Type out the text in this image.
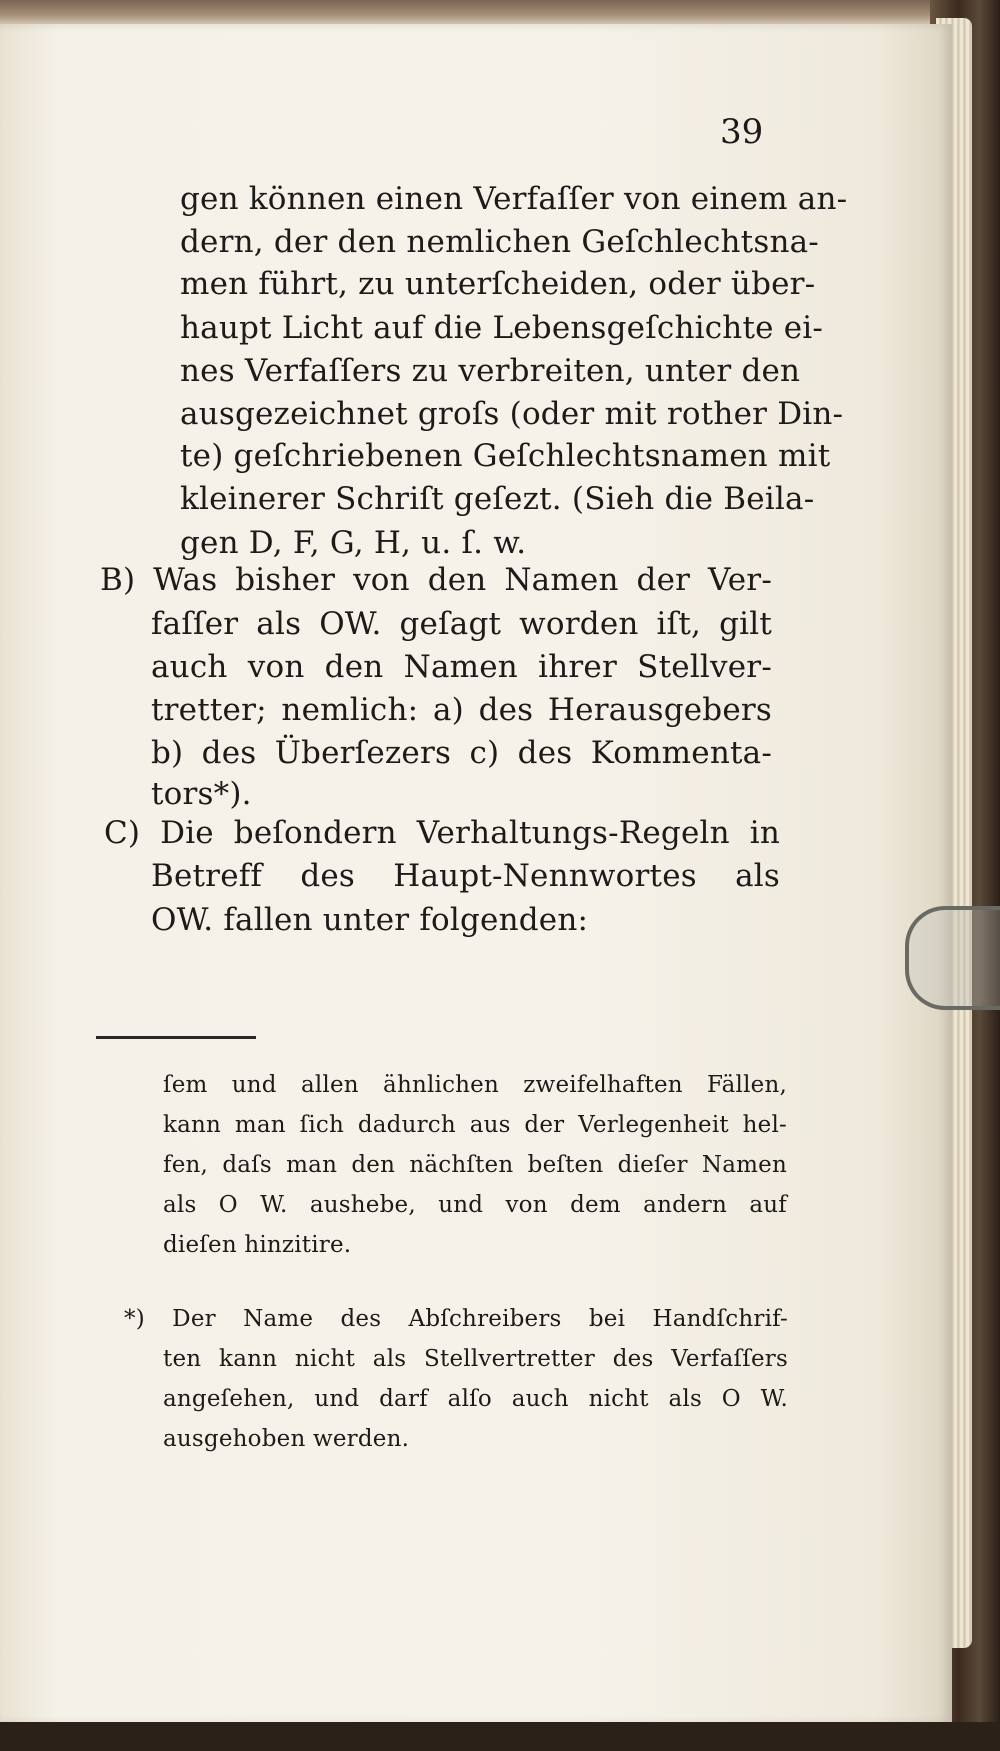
39
gen können einen Verfaſſer von einem an-
dern, der den nemlichen Geſchlechtsna-
men führt, zu unterſcheiden, oder über-
haupt Licht auf die Lebensgeſchichte ei-
nes Verfaſſers zu verbreiten, unter den
ausgezeichnet groſs (oder mit rother Din-
te) geſchriebenen Geſchlechtsnamen mit
kleinerer Schriſt geſezt. (Sieh die Beila-
gen D, F, G, H, u. ſ. w.
B) Was bisher von den Namen der Ver-
faſſer als OW. geſagt worden iſt, gilt
auch von den Namen ihrer Stellver-
tretter; nemlich: a) des Herausgebers
b) des Überſezers c) des Kommenta-
tors*).
C) Die beſondern Verhaltungs-Regeln in
Betreff des Haupt-Nennwortes als
OW. fallen unter folgenden:
ſem und allen ähnlichen zweifelhaften Fällen,
kann man ſich dadurch aus der Verlegenheit hel-
fen, daſs man den nächſten beſten dieſer Namen
als O W. aushebe, und von dem andern auf
dieſen hinzitire.
*) Der Name des Abſchreibers bei Handſchrif-
ten kann nicht als Stellvertretter des Verfaſſers
angeſehen, und darf alſo auch nicht als O W.
ausgehoben werden.
